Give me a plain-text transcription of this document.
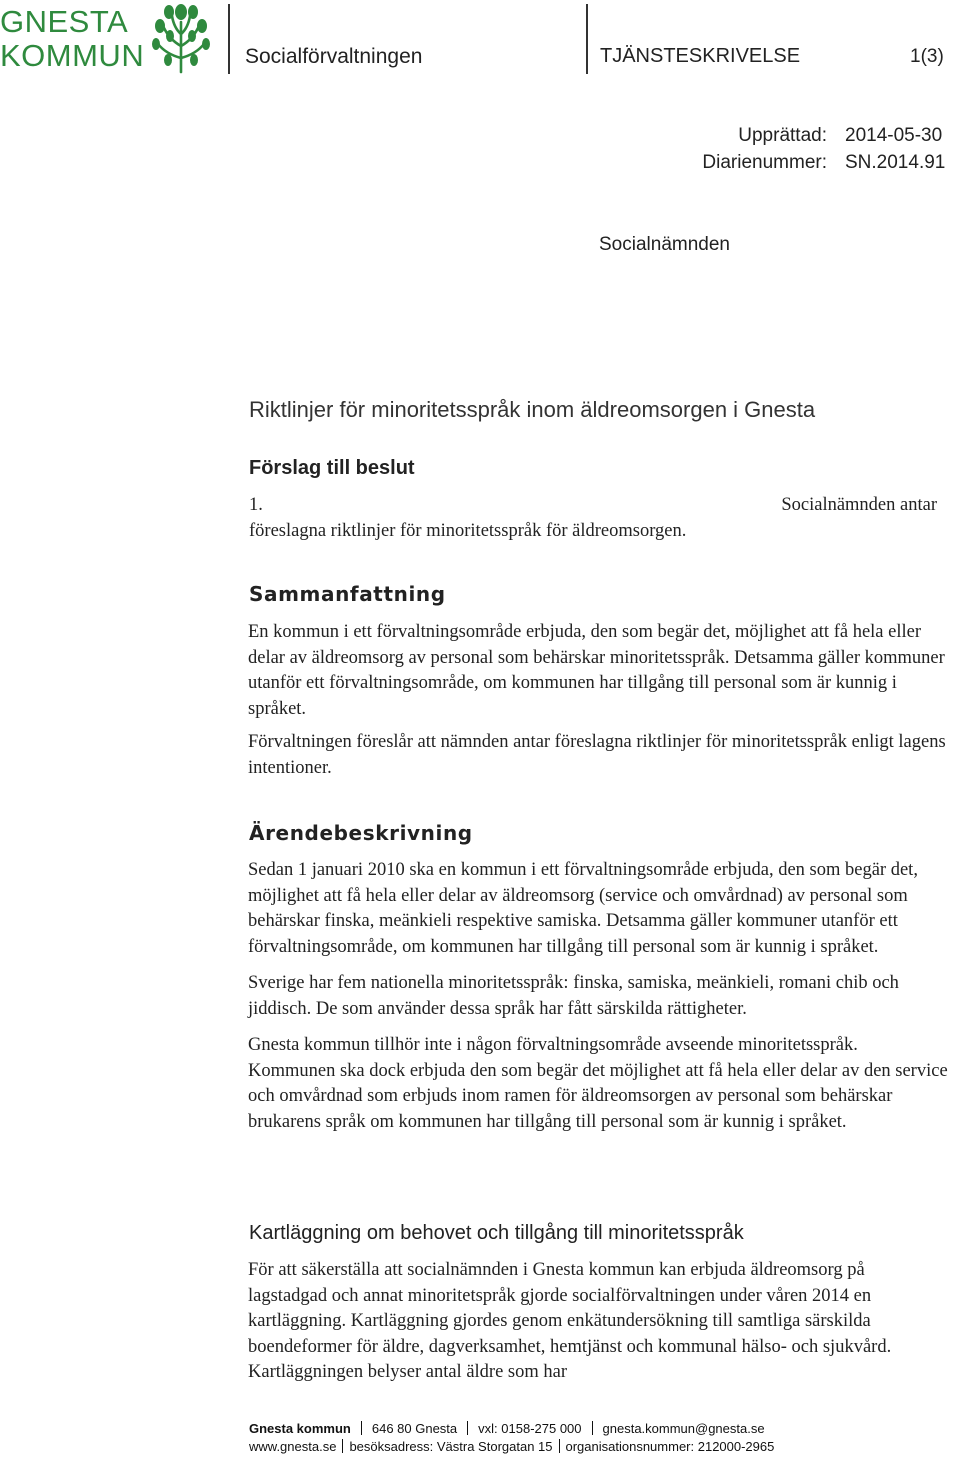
GNESTA
KOMMUN	Socialförvaltningen	TJÄNSTESKRIVELSE	1(3)
Upprättad: 2014-05-30
Diarienummer: SN.2014.91
Socialnämnden
Riktlinjer för minoritetsspråk inom äldreomsorgen i Gnesta
Förslag till beslut
1.	Socialnämnden antar
föreslagna riktlinjer för minoritetsspråk för äldreomsorgen.
Sammanfattning

En kommun i ett förvaltningsområde erbjuda, den som begär det, möjlighet att få hela eller delar av äldreomsorg av personal som behärskar minoritetsspråk. Detsamma gäller kommuner utanför ett förvaltningsområde, om kommunen har tillgång till personal som är kunnig i språket.

Förvaltningen föreslår att nämnden antar föreslagna riktlinjer för minoritetsspråk enligt lagens intentioner.

Ärendebeskrivning

Sedan 1 januari 2010 ska en kommun i ett förvaltningsområde erbjuda, den som begär det, möjlighet att få hela eller delar av äldreomsorg (service och omvårdnad) av personal som behärskar finska, meänkieli respektive samiska. Detsamma gäller kommuner utanför ett förvaltningsområde, om kommunen har tillgång till personal som är kunnig i språket.

Sverige har fem nationella minoritetsspråk: finska, samiska, meänkieli, romani chib och jiddisch. De som använder dessa språk har fått särskilda rättigheter.

Gnesta kommun tillhör inte i någon förvaltningsområde avseende minoritetsspråk. Kommunen ska dock erbjuda den som begär det möjlighet att få hela eller delar av den service och omvårdnad som erbjuds inom ramen för äldreomsorgen av personal som behärskar brukarens språk om kommunen har tillgång till personal som är kunnig i språket.

Kartläggning om behovet och tillgång till minoritetsspråk

För att säkerställa att socialnämnden i Gnesta kommun kan erbjuda äldreomsorg på lagstadgad och annat minoritetspråk gjorde socialförvaltningen under våren 2014 en kartläggning. Kartläggning gjordes genom enkätundersökning till samtliga särskilda boendeformer för äldre, dagverksamhet, hemtjänst och kommunal hälso- och sjukvård. Kartläggningen belyser antal äldre som har

Gnesta kommun 646 80 Gnesta vxl: 0158-275 000 gnesta.kommun@gnesta.se
www.gnesta.se besöksadress: Västra Storgatan 15 organisationsnummer: 212000-2965
